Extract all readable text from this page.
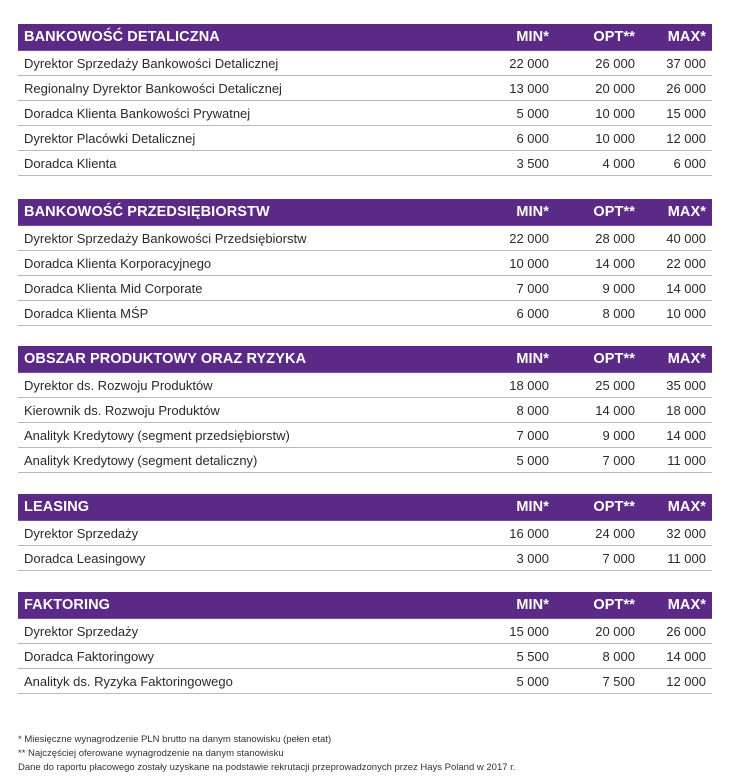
BANKOWOŚĆ DETALICZNA	MIN*	OPT**	MAX*
Dyrektor Sprzedaży Bankowości Detalicznej	22 000	26 000	37 000
Regionalny Dyrektor Bankowości Detalicznej	13 000	20 000	26 000
Doradca Klienta Bankowości Prywatnej	5 000	10 000	15 000
Dyrektor Placówki Detalicznej	6 000	10 000	12 000
Doradca Klienta	3 500	4 000	6 000
BANKOWOŚĆ PRZEDSIĘBIORSTW	MIN*	OPT**	MAX*
Dyrektor Sprzedaży Bankowości Przedsiębiorstw	22 000	28 000	40 000
Doradca Klienta Korporacyjnego	10 000	14 000	22 000
Doradca Klienta Mid Corporate	7 000	9 000	14 000
Doradca Klienta MŚP	6 000	8 000	10 000
OBSZAR PRODUKTOWY ORAZ RYZYKA	MIN*	OPT**	MAX*
Dyrektor ds. Rozwoju Produktów	18 000	25 000	35 000
Kierownik ds. Rozwoju Produktów	8 000	14 000	18 000
Analityk Kredytowy (segment przedsiębiorstw)	7 000	9 000	14 000
Analityk Kredytowy (segment detaliczny)	5 000	7 000	11 000
LEASING	MIN*	OPT**	MAX*
Dyrektor Sprzedaży	16 000	24 000	32 000
Doradca Leasingowy	3 000	7 000	11 000
FAKTORING	MIN*	OPT**	MAX*
Dyrektor Sprzedaży	15 000	20 000	26 000
Doradca Faktoringowy	5 500	8 000	14 000
Analityk ds. Ryzyka Faktoringowego	5 000	7 500	12 000
* Miesięczne wynagrodzenie PLN brutto na danym stanowisku (pełen etat)
** Najczęściej oferowane wynagrodzenie na danym stanowisku
Dane do raportu płacowego zostały uzyskane na podstawie rekrutacji przeprowadzonych przez Hays Poland w 2017 r.
